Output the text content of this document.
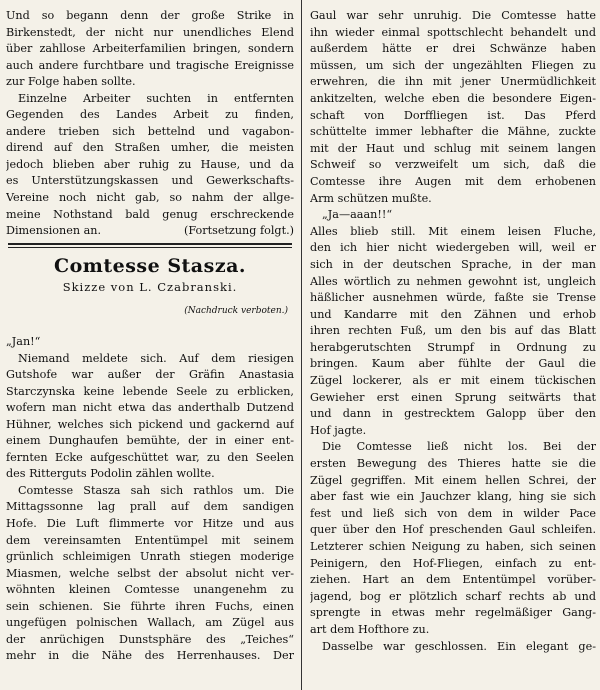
Und so begann denn der große Strike in
Birkenstedt, der nicht nur unendliches Elend
über zahllose Arbeiterfamilien bringen, sondern
auch andere furchtbare und tragische Ereignisse
zur Folge haben sollte.
Einzelne Arbeiter suchten in entfernten
Gegenden des Landes Arbeit zu finden,
andere trieben sich bettelnd und vagabon-
dirend auf den Straßen umher, die meisten
jedoch blieben aber ruhig zu Hause, und da
es Unterstützungskassen und Gewerkschafts-
Vereine noch nicht gab, so nahm der allge-
meine Nothstand bald genug erschreckende
Dimensionen an.	(Fortsetzung folgt.)
Comtesse Stasza.
Skizze von L. Czabranski.
(Nachdruck verboten.)
„Jan!“
Niemand meldete sich. Auf dem riesigen
Gutshofe war außer der Gräfin Anastasia
Starczynska keine lebende Seele zu erblicken,
wofern man nicht etwa das anderthalb Dutzend
Hühner, welches sich pickend und gackernd auf
einem Dunghaufen bemühte, der in einer ent-
fernten Ecke aufgeschüttet war, zu den Seelen
des Ritterguts Podolin zählen wollte.
Comtesse Stasza sah sich rathlos um. Die
Mittagssonne lag prall auf dem sandigen
Hofe. Die Luft flimmerte vor Hitze und aus
dem vereinsamten Ententümpel mit seinem
grünlich schleimigen Unrath stiegen moderige
Miasmen, welche selbst der absolut nicht ver-
wöhnten kleinen Comtesse unangenehm zu
sein schienen. Sie führte ihren Fuchs, einen
ungefügen polnischen Wallach, am Zügel aus
der anrüchigen Dunstsphäre des „Teiches“
mehr in die Nähe des Herrenhauses. Der
Gaul war sehr unruhig. Die Comtesse hatte
ihn wieder einmal spottschlecht behandelt und
außerdem hätte er drei Schwänze haben
müssen, um sich der ungezählten Fliegen zu
erwehren, die ihn mit jener Unermüdlichkeit
ankitzelten, welche eben die besondere Eigen-
schaft von Dorffliegen ist. Das Pferd
schüttelte immer lebhafter die Mähne, zuckte
mit der Haut und schlug mit seinem langen
Schweif so verzweifelt um sich, daß die
Comtesse ihre Augen mit dem erhobenen
Arm schützen mußte.
„Ja—aaan!!“
Alles blieb still. Mit einem leisen Fluche,
den ich hier nicht wiedergeben will, weil er
sich in der deutschen Sprache, in der man
Alles wörtlich zu nehmen gewohnt ist, ungleich
häßlicher ausnehmen würde, faßte sie Trense
und Kandarre mit den Zähnen und erhob
ihren rechten Fuß, um den bis auf das Blatt
herabgerutschten Strumpf in Ordnung zu
bringen. Kaum aber fühlte der Gaul die
Zügel lockerer, als er mit einem tückischen
Gewieher erst einen Sprung seitwärts that
und dann in gestrecktem Galopp über den
Hof jagte.
Die Comtesse ließ nicht los. Bei der
ersten Bewegung des Thieres hatte sie die
Zügel gegriffen. Mit einem hellen Schrei, der
aber fast wie ein Jauchzer klang, hing sie sich
fest und ließ sich von dem in wilder Pace
quer über den Hof preschenden Gaul schleifen.
Letzterer schien Neigung zu haben, sich seinen
Peinigern, den Hof-Fliegen, einfach zu ent-
ziehen. Hart an dem Ententümpel vorüber-
jagend, bog er plötzlich scharf rechts ab und
sprengte in etwas mehr regelmäßiger Gang-
art dem Hofthore zu.
Dasselbe war geschlossen. Ein elegant ge-
